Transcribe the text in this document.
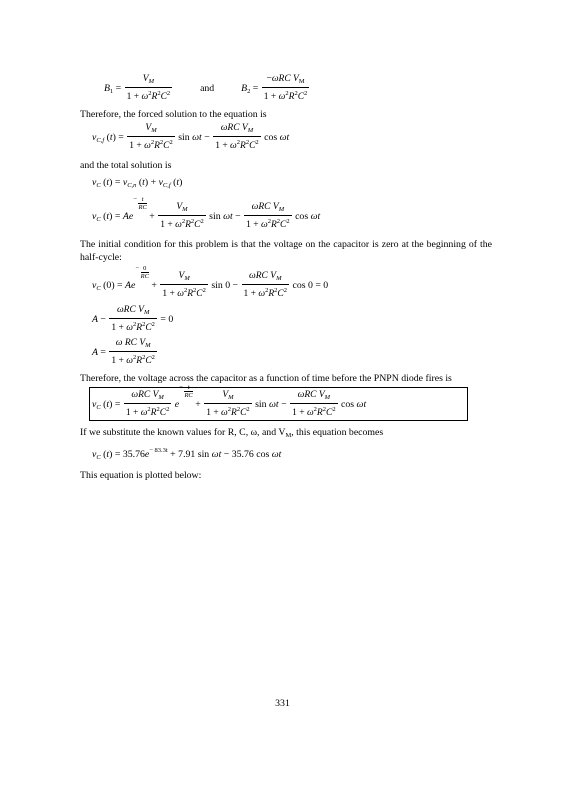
$B_1 = \frac{V_M}{1 + \omega^2R^2C^2}$	and	$B_2 = \frac{-\omega RC V_M}{1 + \omega^2R^2C^2}$
Therefore, the forced solution to the equation is
$v_{C,f}$ $(t) = \frac{V_M}{1 + \omega^2R^2C^2}$ $\sin \omega t - \frac{\omega RC V_M}{1 + \omega^2R^2C^2}$ cos ωt
and the total solution is
$v_C$ $(t) = v_{C,n}$ $(t) + v_{C,f}$ (t)
$v_C$ $(t) = Ae- \frac{t}{RC}$
+ $\frac{V_M}{1 + \omega^2R^2C^2}$ $\sin \omega t - \frac{\omega RC V_M}{1 + \omega^2R^2C^2}$ cos ωt
The initial condition for this problem is that the voltage on the capacitor is zero at the beginning of the half-cycle:
$v_C$ $(0) = Ae- \frac{0}{RC}$
+ $\frac{V_M}{1 + \omega^2R^2C^2}$ $\sin 0 - \frac{\omega RC V_M}{1 + \omega^2R^2C^2}$ cos 0 = 0
$A - \frac{\omega RC V_M}{1 + \omega^2R^2C^2} = 0$
$A = \frac{\omega RC V_M}{1 + \omega^2R^2C^2}$
Therefore, the voltage across the capacitor as a function of time before the PNPN diode fires is
$v_C$ $(t) = \frac{\omega RC V_M}{1 + \omega^2R^2C^2} e- \frac{t}{RC}$
+ $\frac{V_M}{1 + \omega^2R^2C^2}$ $\sin \omega t - \frac{\omega RC V_M}{1 + \omega^2R^2C^2}$ cos ωt
If we substitute the known values for R, C, ω, and $V_M$, this equation becomes
$v_C$ $(t) = 35.76e^{- 83.3t} + 7.91$ sin ωt − 35.76 cos ωt
This equation is plotted below:
331
